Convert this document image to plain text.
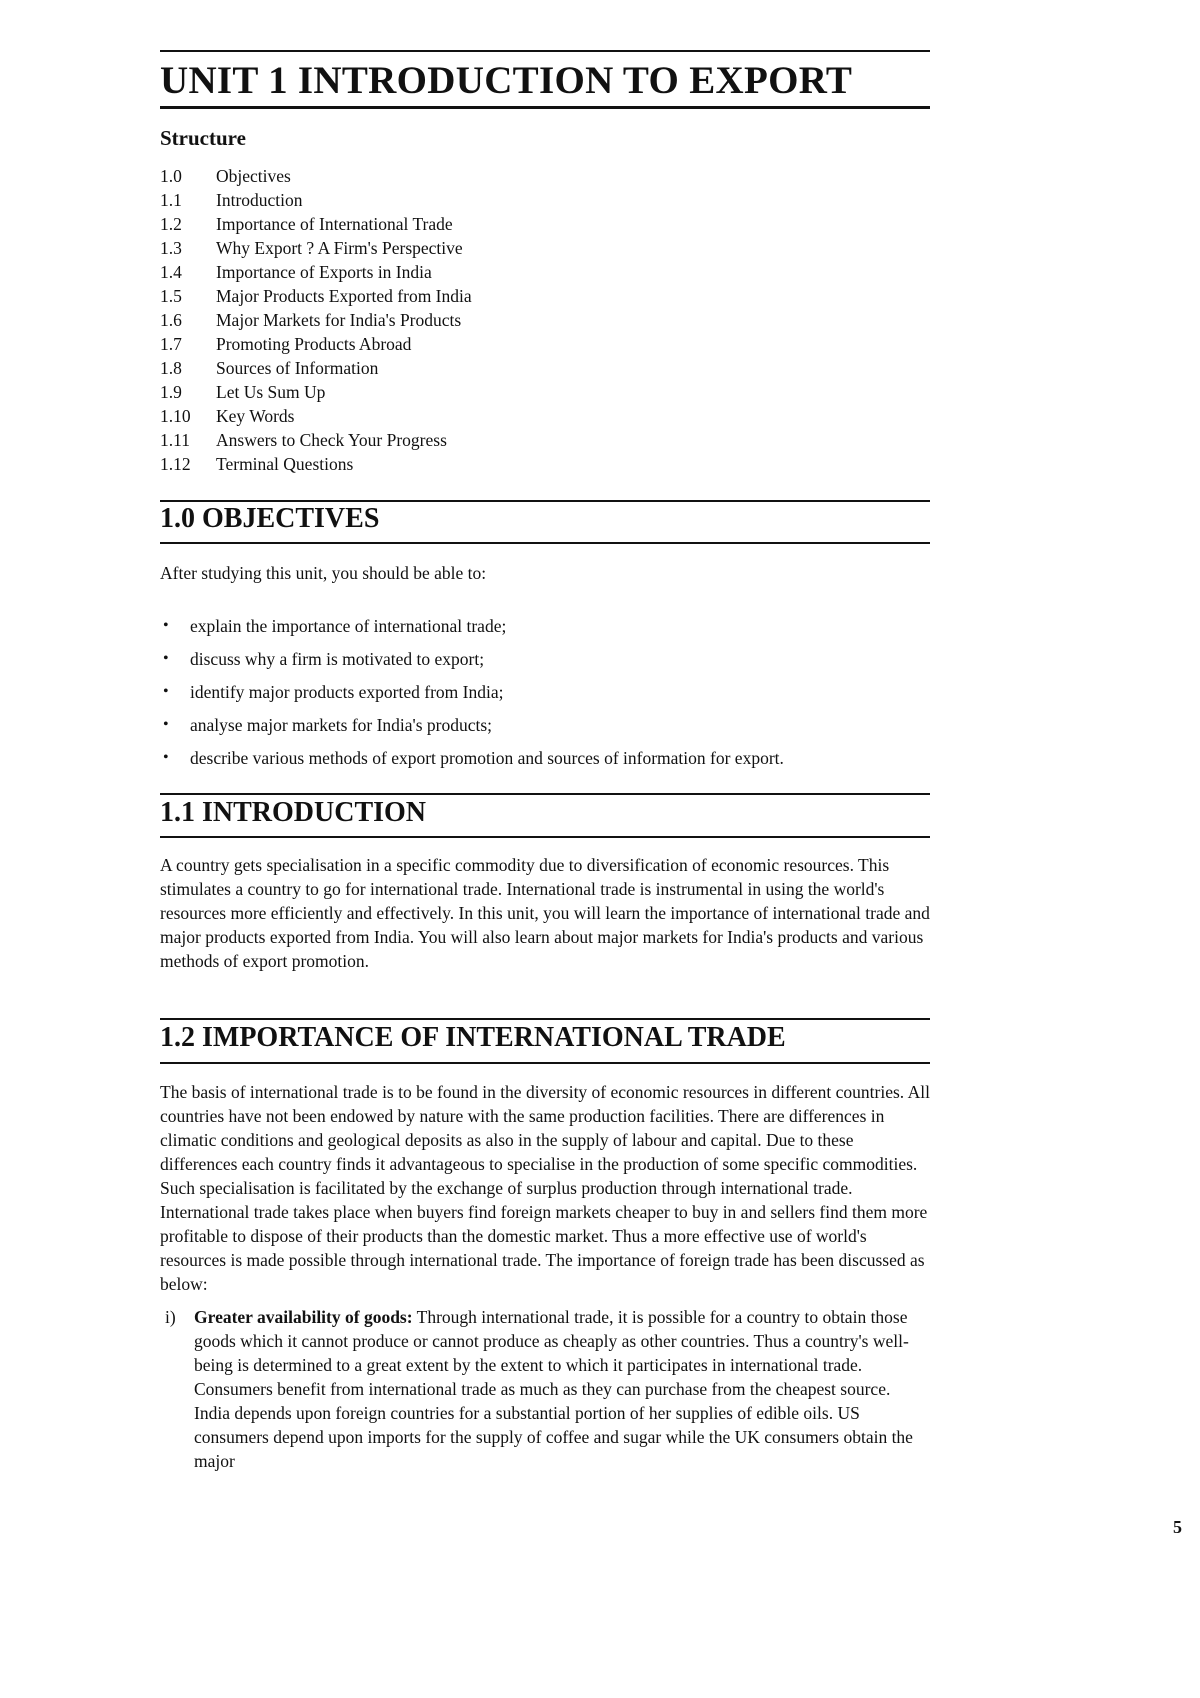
UNIT 1 INTRODUCTION TO EXPORT
Structure
1.0 Objectives
1.1 Introduction
1.2 Importance of International Trade
1.3 Why Export ? A Firm's Perspective
1.4 Importance of Exports in India
1.5 Major Products Exported from India
1.6 Major Markets for India's Products
1.7 Promoting Products Abroad
1.8 Sources of Information
1.9 Let Us Sum Up
1.10 Key Words
1.11 Answers to Check Your Progress
1.12 Terminal Questions
1.0 OBJECTIVES

After studying this unit, you should be able to:

• explain the importance of international trade;
• discuss why a firm is motivated to export;
• identify major products exported from India;
• analyse major markets for India's products;
• describe various methods of export promotion and sources of information for export.
1.1 INTRODUCTION

A country gets specialisation in a specific commodity due to diversification of economic resources. This stimulates a country to go for international trade. International trade is instrumental in using the world's resources more efficiently and effectively. In this unit, you will learn the importance of international trade and major products exported from India. You will also learn about major markets for India's products and various methods of export promotion.

1.2 IMPORTANCE OF INTERNATIONAL TRADE

The basis of international trade is to be found in the diversity of economic resources in different countries. All countries have not been endowed by nature with the same production facilities. There are differences in climatic conditions and geological deposits as also in the supply of labour and capital. Due to these differences each country finds it advantageous to specialise in the production of some specific commodities. Such specialisation is facilitated by the exchange of surplus production through international trade. International trade takes place when buyers find foreign markets cheaper to buy in and sellers find them more profitable to dispose of their products than the domestic market. Thus a more effective use of world's resources is made possible through international trade. The importance of foreign trade has been discussed as below:

i) Greater availability of goods: Through international trade, it is possible for a country to obtain those goods which it cannot produce or cannot produce as cheaply as other countries. Thus a country's well-being is determined to a great extent by the extent to which it participates in international trade. Consumers benefit from international trade as much as they can purchase from the cheapest source. India depends upon foreign countries for a substantial portion of her supplies of edible oils. US consumers depend upon imports for the supply of coffee and sugar while the UK consumers obtain the major

5
